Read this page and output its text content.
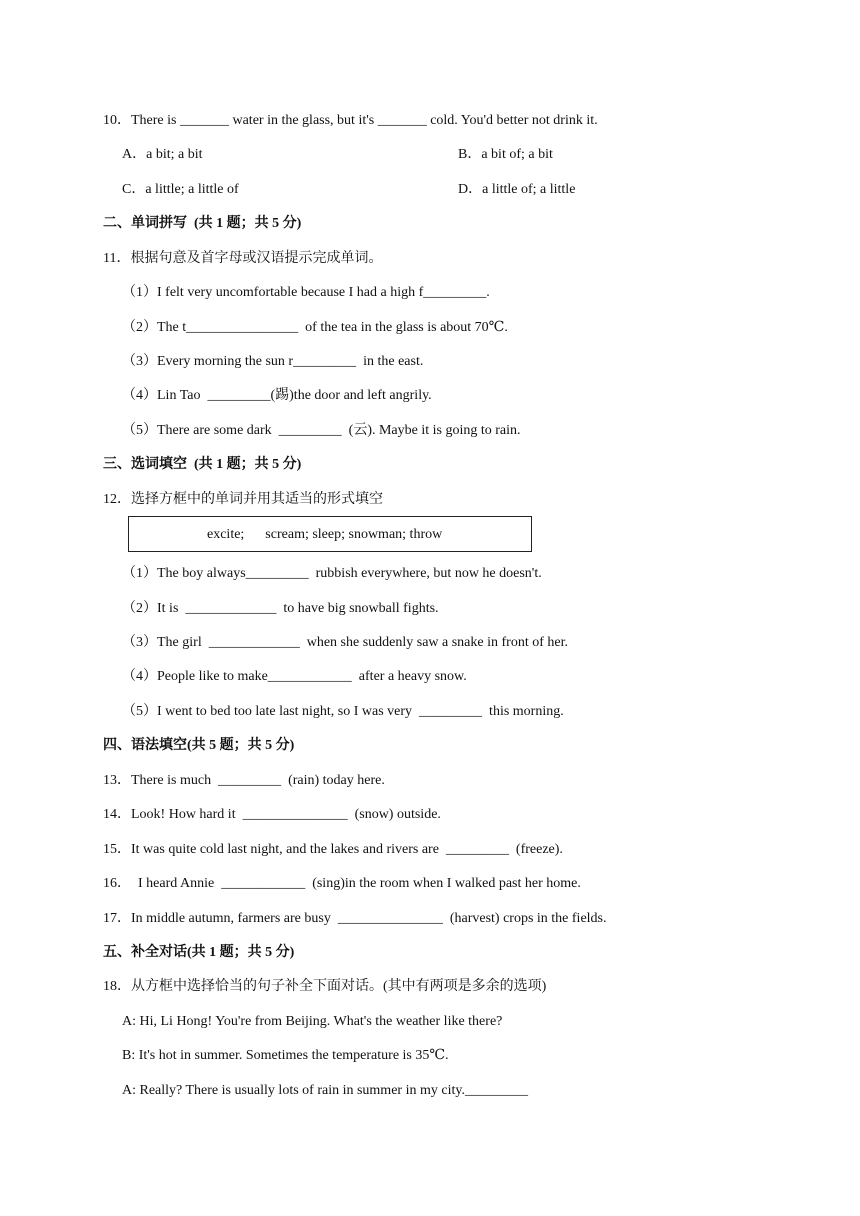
10．There is _______ water in the glass, but it's _______ cold. You'd better not drink it.
A．a bit; a bit	B．a bit of; a bit
C．a little; a little of	D．a little of; a little
二、单词拼写  (共 1 题；共 5 分)
11．根据句意及首字母或汉语提示完成单词。
（1）I felt very uncomfortable because I had a high f_________.
（2）The t________________  of the tea in the glass is about 70℃.
（3）Every morning the sun r_________  in the east.
（4）Lin Tao  _________(踢)the door and left angrily.
（5）There are some dark  _________  (云). Maybe it is going to rain.
三、选词填空  (共 1 题；共 5 分)
12．选择方框中的单词并用其适当的形式填空
excite;      scream; sleep; snowman; throw
（1）The boy always_________  rubbish everywhere, but now he doesn't.
（2）It is  _____________  to have big snowball fights.
（3）The girl  _____________  when she suddenly saw a snake in front of her.
（4）People like to make____________  after a heavy snow.
（5）I went to bed too late last night, so I was very  _________  this morning.
四、语法填空(共 5 题；共 5 分)
13．There is much  _________  (rain) today here.
14．Look! How hard it  _______________  (snow) outside.
15．It was quite cold last night, and the lakes and rivers are  _________  (freeze).
16．  I heard Annie  ____________  (sing)in the room when I walked past her home.
17．In middle autumn, farmers are busy  _______________  (harvest) crops in the fields.
五、补全对话(共 1 题；共 5 分)
18．从方框中选择恰当的句子补全下面对话。(其中有两项是多余的选项)
A: Hi, Li Hong! You're from Beijing. What's the weather like there?
B: It's hot in summer. Sometimes the temperature is 35℃.
A: Really? There is usually lots of rain in summer in my city._________
